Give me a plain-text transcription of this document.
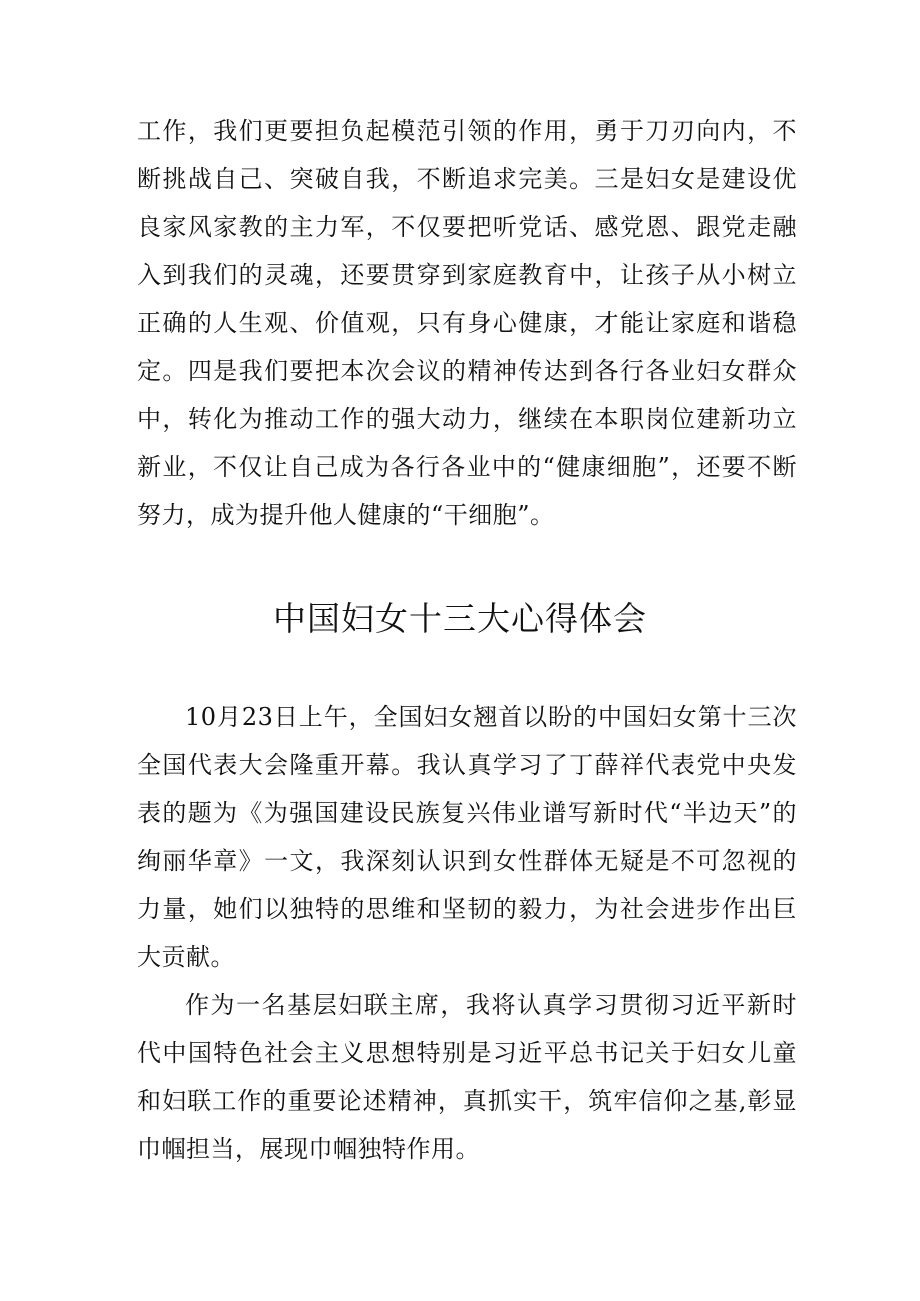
工作，我们更要担负起模范引领的作用，勇于刀刃向内，不断挑战自己、突破自我，不断追求完美。三是妇女是建设优良家风家教的主力军，不仅要把听党话、感党恩、跟党走融入到我们的灵魂，还要贯穿到家庭教育中，让孩子从小树立正确的人生观、价值观，只有身心健康，才能让家庭和谐稳定。四是我们要把本次会议的精神传达到各行各业妇女群众中，转化为推动工作的强大动力，继续在本职岗位建新功立新业，不仅让自己成为各行各业中的“健康细胞”，还要不断努力，成为提升他人健康的“干细胞”。

中国妇女十三大心得体会

10月23日上午，全国妇女翘首以盼的中国妇女第十三次全国代表大会隆重开幕。我认真学习了丁薛祥代表党中央发表的题为《为强国建设民族复兴伟业谱写新时代“半边天”的绚丽华章》一文，我深刻认识到女性群体无疑是不可忽视的力量，她们以独特的思维和坚韧的毅力，为社会进步作出巨大贡献。

作为一名基层妇联主席，我将认真学习贯彻习近平新时代中国特色社会主义思想特别是习近平总书记关于妇女儿童和妇联工作的重要论述精神，真抓实干，筑牢信仰之基,彰显巾帼担当，展现巾帼独特作用。
